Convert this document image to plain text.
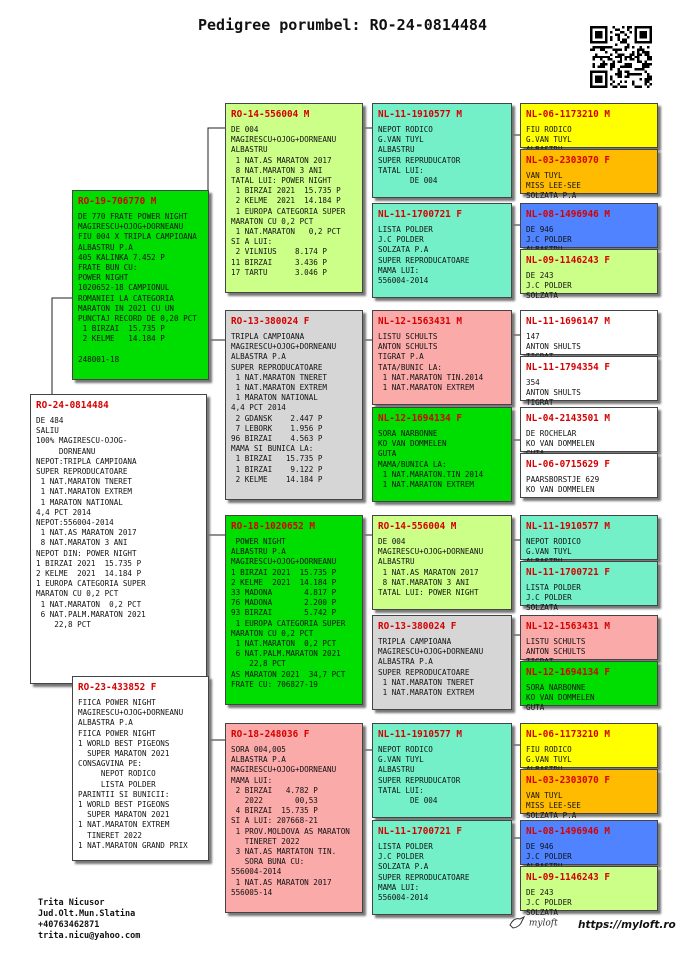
Pedigree porumbel: RO-24-0814484
RO-24-0814484
DE 484
SALIU
100% MAGIRESCU-OJOG-
DORNEANU
NEPOT:TRIPLA CAMPIOANA
SUPER REPRODUCATOARE
1 NAT.MARATON TNERET
1 NAT.MARATON EXTREM
1 MARATON NATIONAL
4,4 PCT 2014
NEPOT:556004-2014
1 NAT.AS MARATON 2017
8 NAT.MARATON 3 ANI
NEPOT DIN: POWER NIGHT
1 BIRZAI 2021  15.735 P
2 KELME  2021  14.184 P
1 EUROPA CATEGORIA SUPER
MARATON CU 0,2 PCT
1 NAT.MARATON  0,2 PCT
6 NAT.PALM.MARATON 2021
22,8 PCT
RO-19-706770 M
DE 770 FRATE POWER NIGHT
MAGIRESCU+OJOG+DORNEANU
FIU 004 X TRIPLA CAMPIOANA
ALBASTRU P.A
405 KALINKA 7.452 P
FRATE BUN CU:
POWER NIGHT
1020652-18 CAMPIONUL
ROMANIEI LA CATEGORIA
MARATON IN 2021 CU UN
PUNCTAJ RECORD DE 0,20 PCT
1 BIRZAI  15.735 P
2 KELME   14.184 P

248001-18
RO-23-433852 F
FIICA POWER NIGHT
MAGIRESCU+OJOG+DORNEANU
ALBASTRA P.A
FIICA POWER NIGHT
1 WORLD BEST PIGEONS
SUPER MARATON 2021
CONSAGVINA PE:
NEPOT RODICO
LISTA POLDER
PARINTII SI BUNICII:
1 WORLD BEST PIGEONS
SUPER MARATON 2021
1 NAT.MARATON EXTREM
TINERET 2022
1 NAT.MARATON GRAND PRIX
RO-14-556004 M
DE 004
MAGIRESCU+OJOG+DORNEANU
ALBASTRU
1 NAT.AS MARATON 2017
8 NAT.MARATON 3 ANI
TATAL LUI: POWER NIGHT
1 BIRZAI 2021  15.735 P
2 KELME  2021  14.184 P
1 EUROPA CATEGORIA SUPER
MARATON CU 0,2 PCT
1 NAT.MARATON   0,2 PCT
SI A LUI:
2 VILNIUS    8.174 P
11 BIRZAI     3.436 P
17 TARTU      3.046 P
RO-13-380024 F
TRIPLA CAMPIOANA
MAGIRESCU+OJOG+DORNEANU
ALBASTRA P.A
SUPER REPRODUCATOARE
1 NAT.MARATON TNERET
1 NAT.MARATON EXTREM
1 MARATON NATIONAL
4,4 PCT 2014
2 GDANSK    2.447 P
7 LEBORK    1.956 P
96 BIRZAI    4.563 P
MAMA SI BUNICA LA:
1 BIRZAI   15.735 P
1 BIRZAI    9.122 P
2 KELME    14.184 P
RO-18-1020652 M
POWER NIGHT
ALBASTRU P.A
MAGIRESCU+OJOG+DORNEANU
1 BIRZAI 2021  15.735 P
2 KELME  2021  14.184 P
33 MADONA       4.817 P
76 MADONA       2.200 P
93 BIRZAI       5.742 P
1 EUROPA CATEGORIA SUPER
MARATON CU 0,2 PCT
1 NAT.MARATON  0,2 PCT
6 NAT.PALM.MARATON 2021
22,8 PCT
AS MARATON 2021  34,7 PCT
FRATE CU: 706827-19
RO-18-248036 F
SORA 004,005
ALBASTRA P.A
MAGIRESCU+OJOG+DORNEANU
MAMA LUI:
2 BIRZAI   4.782 P
2022       00,53
4 BIRZAI  15.735 P
SI A LUI: 207668-21
1 PROV.MOLDOVA AS MARATON
TINERET 2022
3 NAT.AS MARTATON TIN.
SORA BUNA CU:
556004-2014
1 NAT.AS MARATON 2017
556005-14
NL-11-1910577 M
NEPOT RODICO
G.VAN TUYL
ALBASTRU
SUPER REPRUDUCATOR
TATAL LUI:
DE 004
NL-11-1700721 F
LISTA POLDER
J.C POLDER
SOLZATA P.A
SUPER REPRODUCATOARE
MAMA LUI:
556004-2014
NL-12-1563431 M
LISTU SCHULTS
ANTON SCHULTS
TIGRAT P.A
TATA/BUNIC LA:
1 NAT.MARATON TIN.2014
1 NAT.MARATON EXTREM
NL-12-1694134 F
SORA NARBONNE
KO VAN DOMMELEN
GUTA
MAMA/BUNICA LA:
1 NAT.MARATON.TIN 2014
1 NAT.MARATON EXTREM
RO-14-556004 M
DE 004
MAGIRESCU+OJOG+DORNEANU
ALBASTRU
1 NAT.AS MARATON 2017
8 NAT.MARATON 3 ANI
TATAL LUI: POWER NIGHT
RO-13-380024 F
TRIPLA CAMPIOANA
MAGIRESCU+OJOG+DORNEANU
ALBASTRA P.A
SUPER REPRODUCATOARE
1 NAT.MARATON TNERET
1 NAT.MARATON EXTREM
NL-11-1910577 M
NEPOT RODICO
G.VAN TUYL
ALBASTRU
SUPER REPRUDUCATOR
TATAL LUI:
DE 004
NL-11-1700721 F
LISTA POLDER
J.C POLDER
SOLZATA P.A
SUPER REPRODUCATOARE
MAMA LUI:
556004-2014
NL-06-1173210 M
FIU RODICO
G.VAN TUYL

NL-03-2303070 F
VAN TUYL
MISS LEE-SEE
SOLZATA P.A
NL-08-1496946 M
DE 946
J.C POLDER

NL-09-1146243 F
DE 243
J.C POLDER
SOLZATA
NL-11-1696147 M
147
ANTON SHULTS

NL-11-1794354 F
354
ANTON SHULTS
TIGRAT
NL-04-2143501 M
DE ROCHELAR
KO VAN DOMMELEN

NL-06-0715629 F
PAARSBORSTJE 629
KO VAN DOMMELEN
NL-11-1910577 M
NEPOT RODICO
G.VAN TUYL

NL-11-1700721 F
LISTA POLDER
J.C POLDER
SOLZATA
NL-12-1563431 M
LISTU SCHULTS
ANTON SCHULTS

NL-12-1694134 F
SORA NARBONNE
KO VAN DOMMELEN
GUTA
NL-06-1173210 M
FIU RODICO
G.VAN TUYL

NL-03-2303070 F
VAN TUYL
MISS LEE-SEE
SOLZATA P.A
NL-08-1496946 M
DE 946
J.C POLDER

NL-09-1146243 F
DE 243
J.C POLDER
SOLZATA
Trita Nicusor
Jud.Olt.Mun.Slatina
+40763462871
trita.nicu@yahoo.com
myloft https://myloft.ro
